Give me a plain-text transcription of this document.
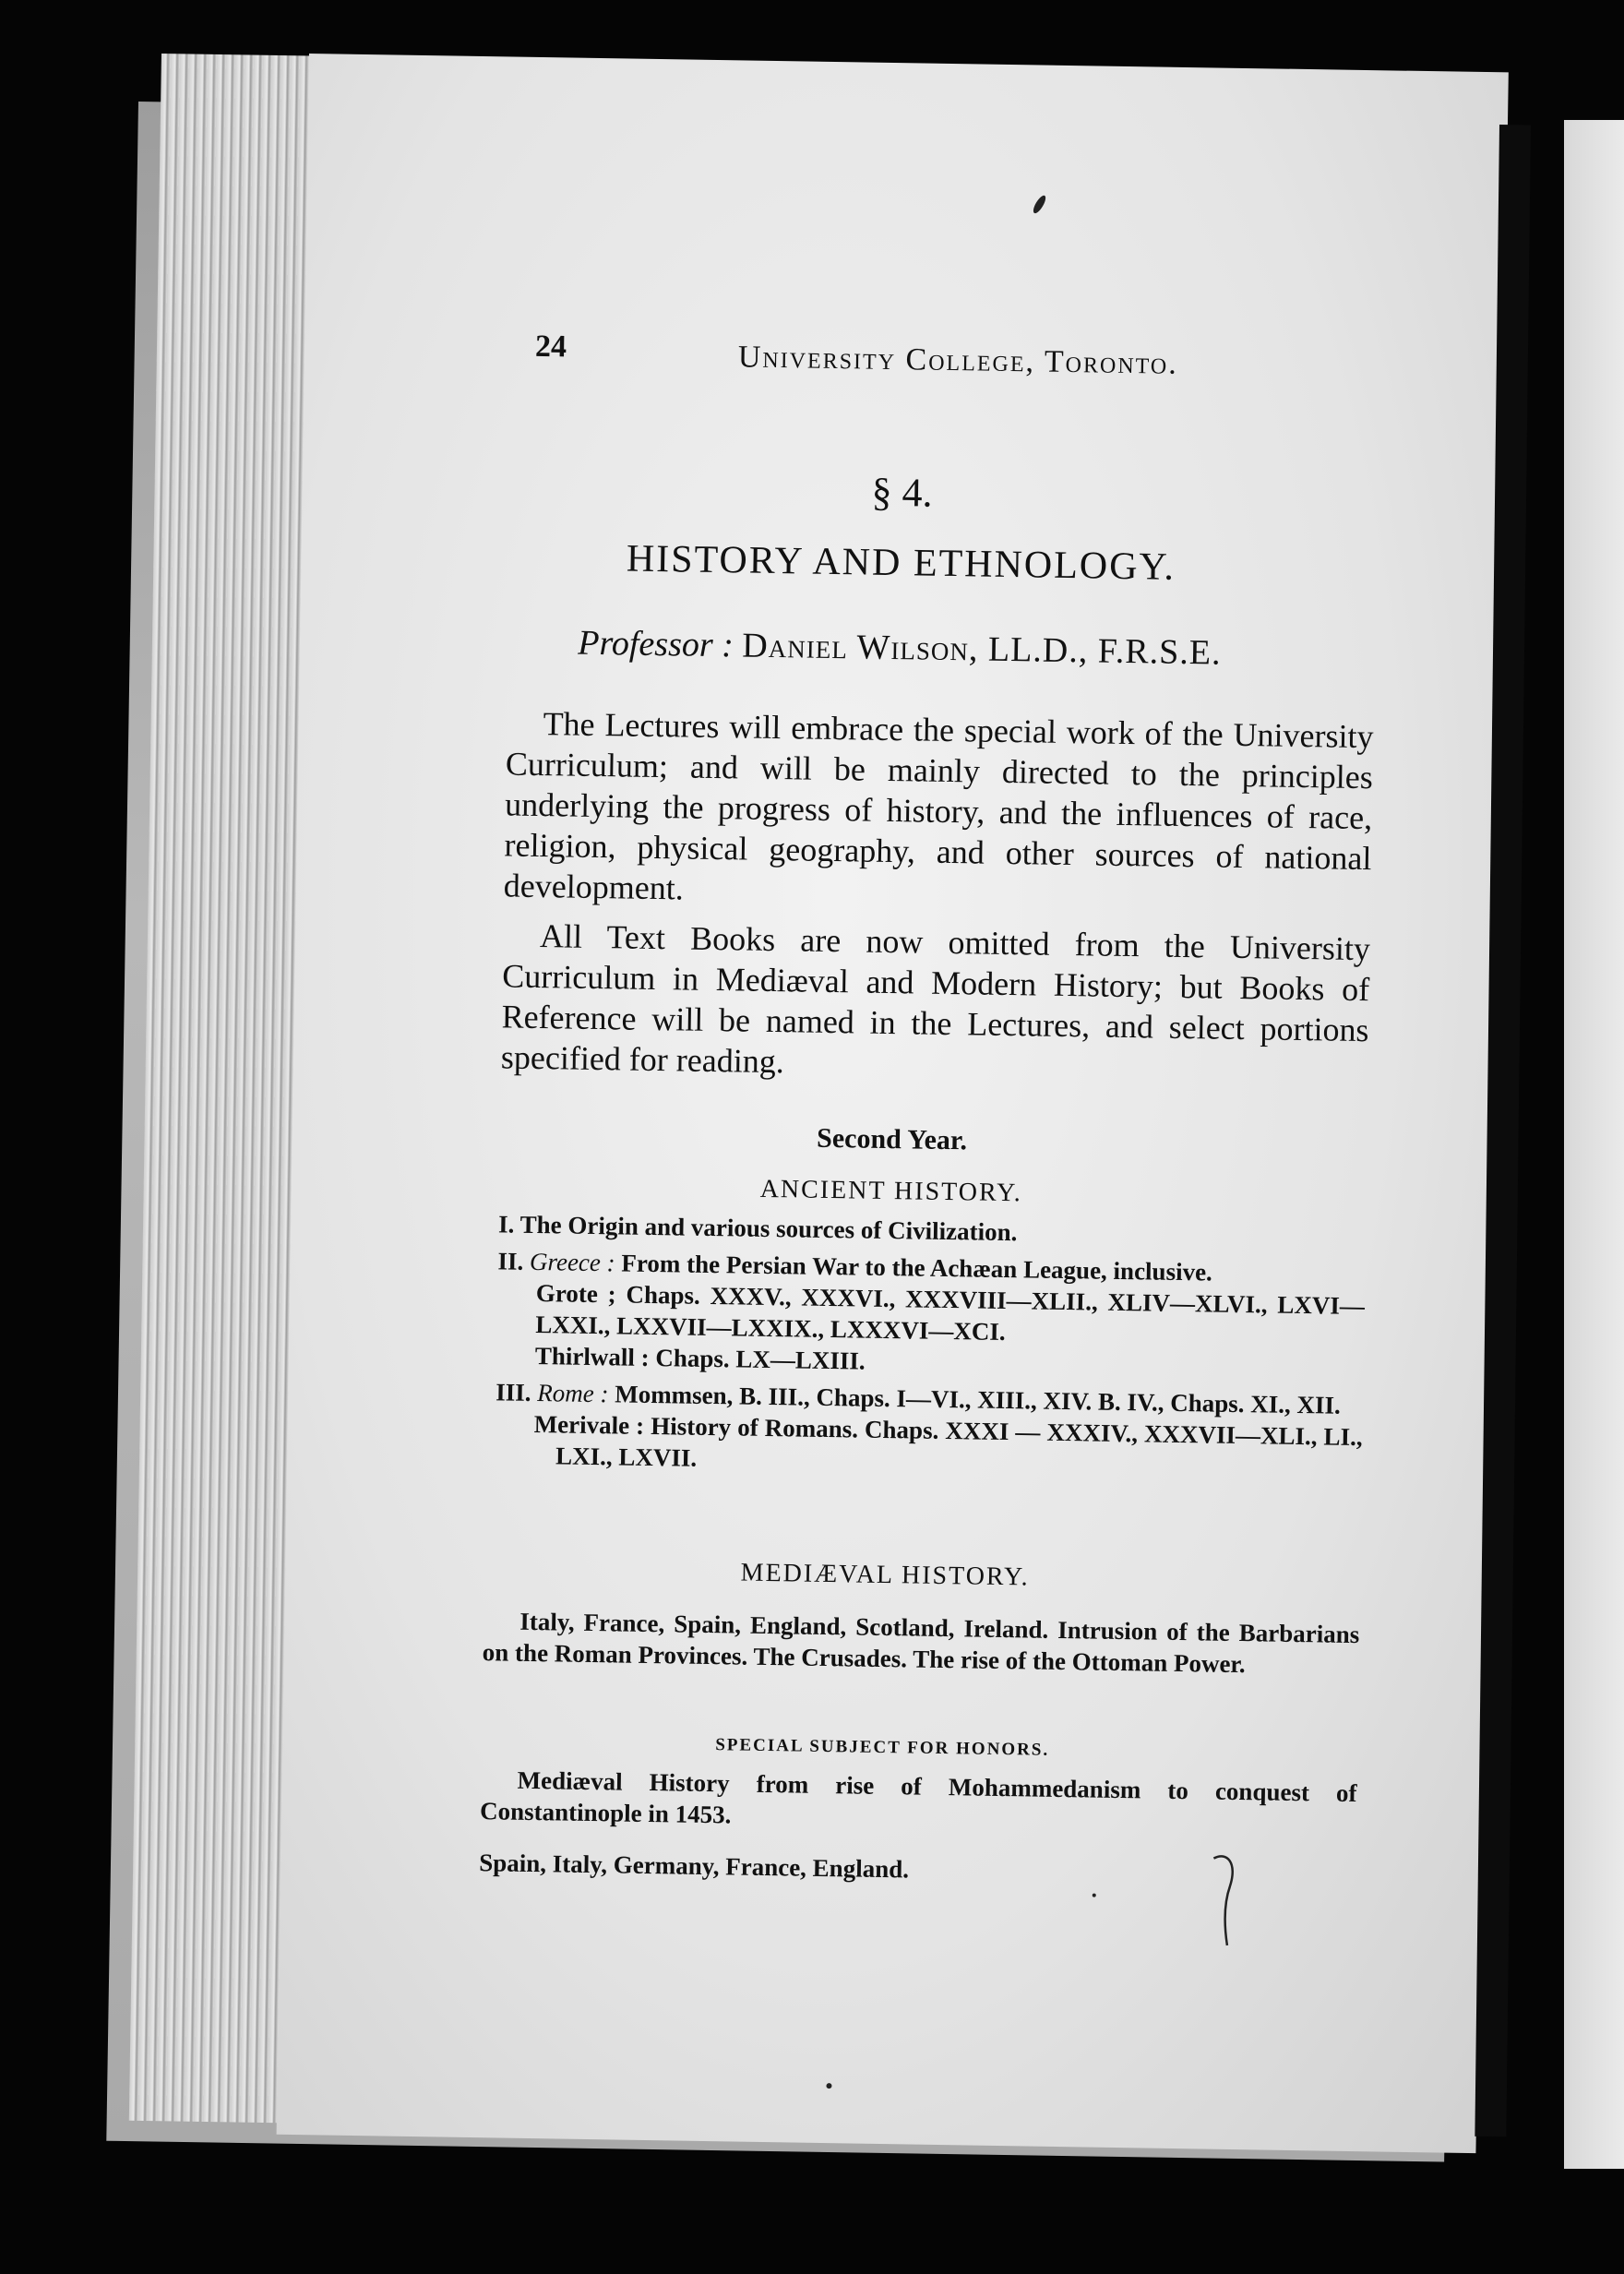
24	University College, Toronto.
§ 4.
HISTORY AND ETHNOLOGY.
Professor : Daniel Wilson, LL.D., F.R.S.E.

The Lectures will embrace the special work of the University Curriculum; and will be mainly directed to the principles underlying the progress of history, and the influences of race, religion, physical geography, and other sources of national development.

All Text Books are now omitted from the University Curriculum in Mediæval and Modern History; but Books of Reference will be named in the Lectures, and select portions specified for reading.

Second Year.
ANCIENT HISTORY.
I. The Origin and various sources of Civilization.
II. Greece : From the Persian War to the Achæan League, inclusive.
Grote ; Chaps. XXXV., XXXVI., XXXVIII—XLII., XLIV—XLVI., LXVI—LXXI., LXXVII—LXXIX., LXXXVI—XCI.
Thirlwall : Chaps. LX—LXIII.
III. Rome : Mommsen, B. III., Chaps. I—VI., XIII., XIV. B. IV., Chaps. XI., XII.
Merivale : History of Romans. Chaps. XXXI — XXXIV., XXXVII—XLI., LI., LXI., LXVII.
MEDIÆVAL HISTORY.

Italy, France, Spain, England, Scotland, Ireland. Intrusion of the Barbarians on the Roman Provinces. The Crusades. The rise of the Ottoman Power.

SPECIAL SUBJECT FOR HONORS.

Mediæval History from rise of Mohammedanism to conquest of Constantinople in 1453.

Spain, Italy, Germany, France, England.
